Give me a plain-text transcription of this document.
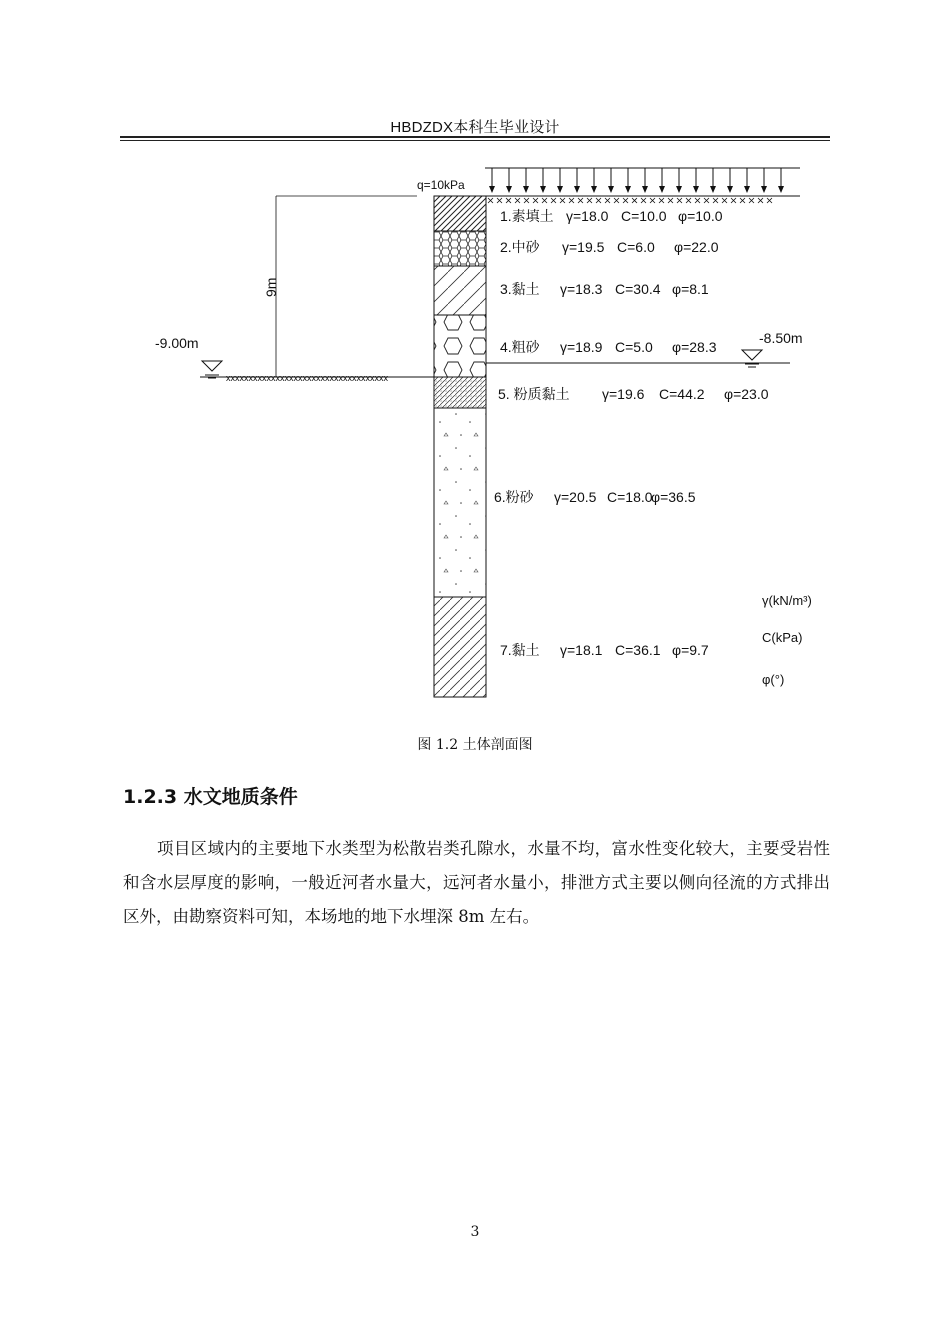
HBDZDX本科生毕业设计
q=10kPa
9m
-9.00m
xxxxxxxxxxxxxxxxxxxxxxxxxxxxxxxxxxxx
-8.50m
1.素填土 γ=18.0 C=10.0 φ=10.0
2.中砂 γ=19.5 C=6.0 φ=22.0
3.黏土 γ=18.3 C=30.4 φ=8.1
4.粗砂 γ=18.9 C=5.0 φ=28.3
5. 粉质黏土 γ=19.6 C=44.2 φ=23.0
6.粉砂 γ=20.5 C=18.0
φ=36.5
7.黏土 γ=18.1 C=36.1 φ=9.7
γ(kN/m³)
C(kPa)
φ(°)
图 1.2 土体剖面图
1.2.3 水文地质条件

项目区域内的主要地下水类型为松散岩类孔隙水，水量不均，富水性变化较大，主要受岩性和含水层厚度的影响，一般近河者水量大，远河者水量小，排泄方式主要以侧向径流的方式排出区外，由勘察资料可知，本场地的地下水埋深 8m 左右。

3
